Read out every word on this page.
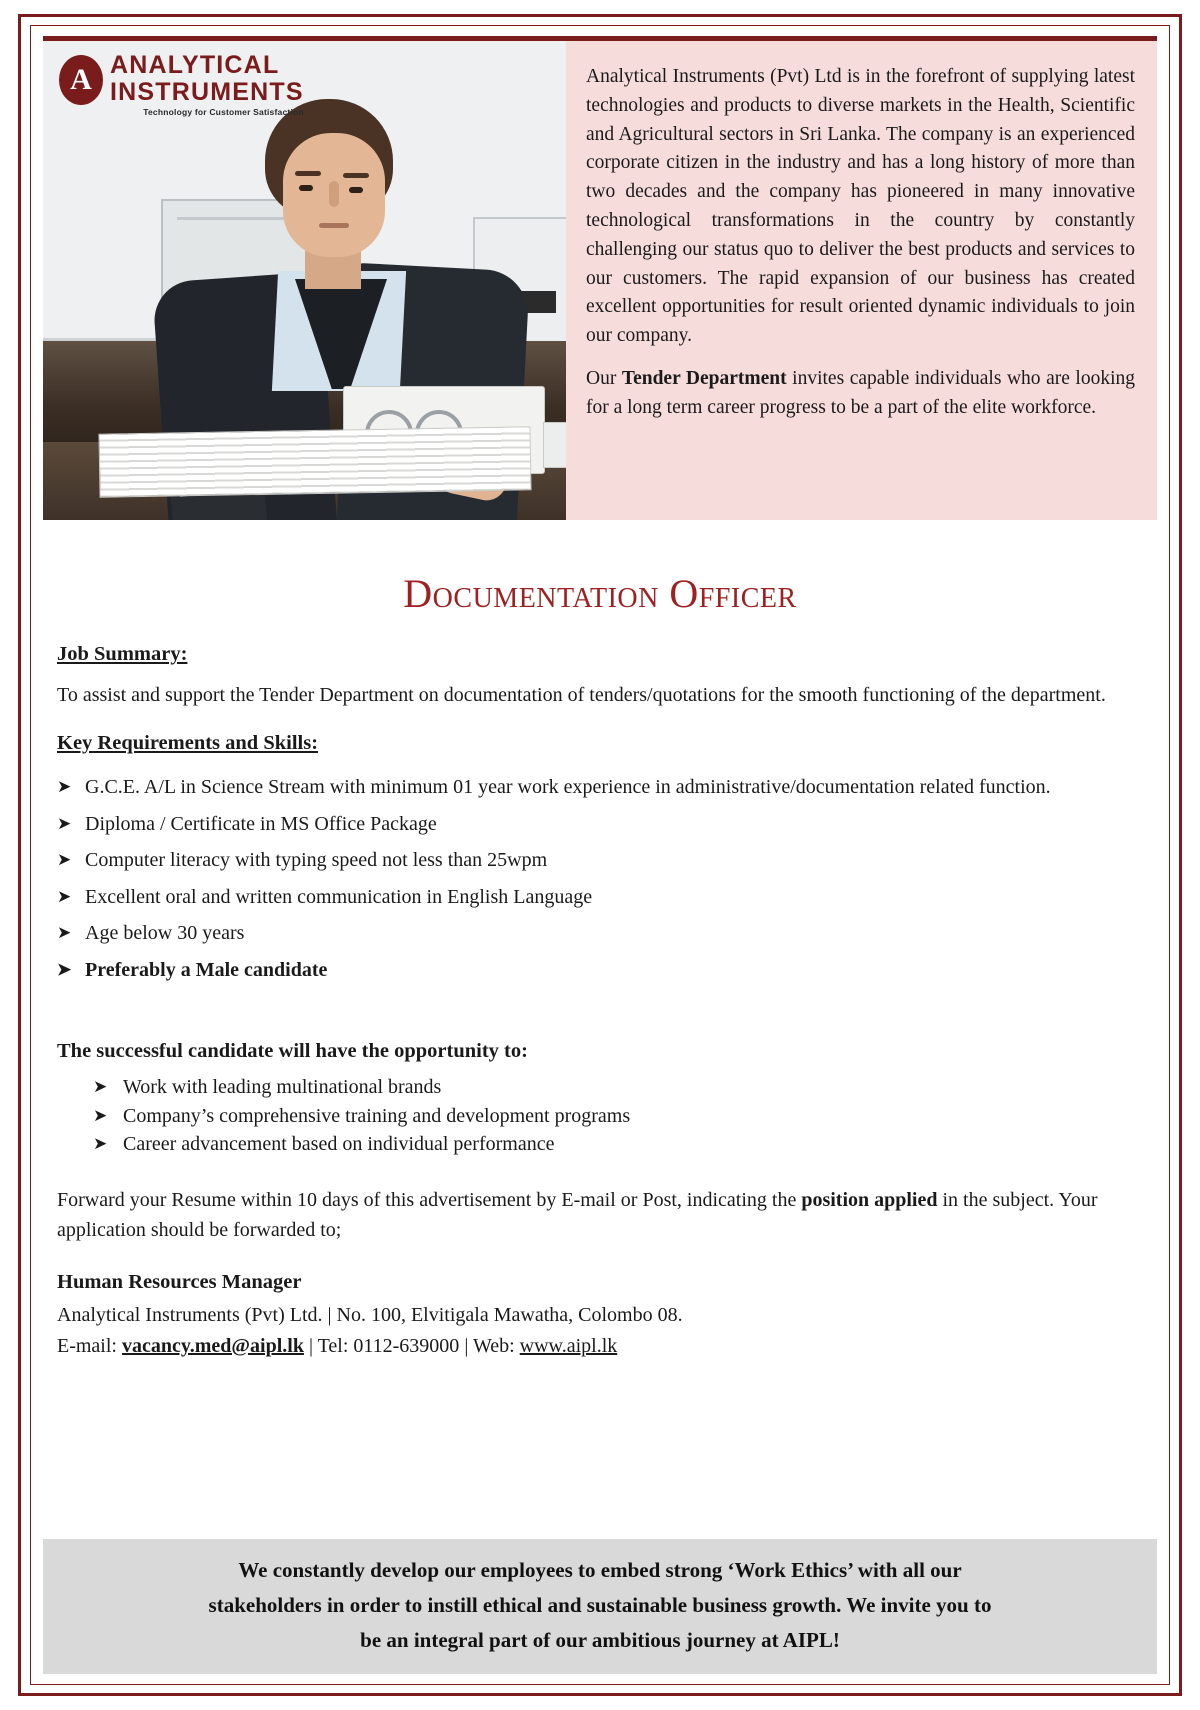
A ANALYTICAL
INSTRUMENTS
Technology for Customer Satisfaction

Analytical Instruments (Pvt) Ltd is in the forefront of supplying latest technologies and products to diverse markets in the Health, Scientific and Agricultural sectors in Sri Lanka. The company is an experienced corporate citizen in the industry and has a long history of more than two decades and the company has pioneered in many innovative technological transformations in the country by constantly challenging our status quo to deliver the best products and services to our customers. The rapid expansion of our business has created excellent opportunities for result oriented dynamic individuals to join our company.

Our Tender Department invites capable individuals who are looking for a long term career progress to be a part of the elite workforce.

Documentation Officer
Job Summary:

To assist and support the Tender Department on documentation of tenders/quotations for the smooth functioning of the department.

Key Requirements and Skills:
➤ G.C.E. A/L in Science Stream with minimum 01 year work experience in administrative/documentation related function.
➤ Diploma / Certificate in MS Office Package
➤ Computer literacy with typing speed not less than 25wpm
➤ Excellent oral and written communication in English Language
➤ Age below 30 years
➤ Preferably a Male candidate
The successful candidate will have the opportunity to:
➤ Work with leading multinational brands
➤ Company’s comprehensive training and development programs
➤ Career advancement based on individual performance

Forward your Resume within 10 days of this advertisement by E-mail or Post, indicating the position applied in the subject. Your application should be forwarded to;

Human Resources Manager

Analytical Instruments (Pvt) Ltd. | No. 100, Elvitigala Mawatha, Colombo 08.

E-mail: vacancy.med@aipl.lk | Tel: 0112-639000 | Web: www.aipl.lk

We constantly develop our employees to embed strong ‘Work Ethics’ with all our

stakeholders in order to instill ethical and sustainable business growth. We invite you to

be an integral part of our ambitious journey at AIPL!
